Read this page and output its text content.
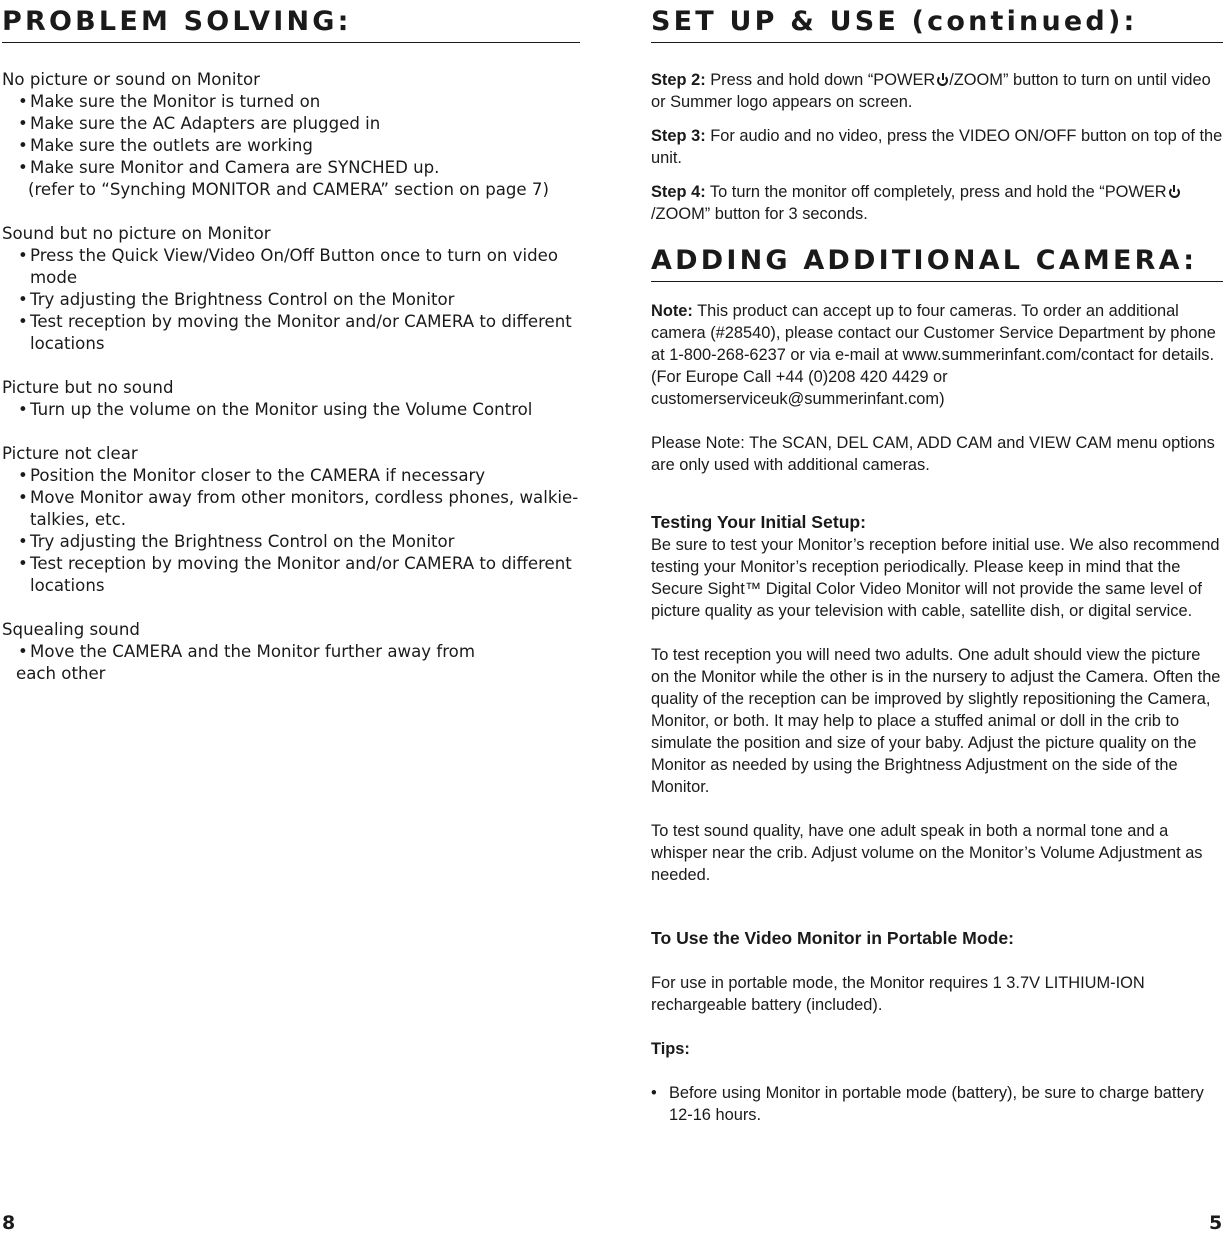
PROBLEM SOLVING:
No picture or sound on Monitor
• Make sure the Monitor is turned on
• Make sure the AC Adapters are plugged in
• Make sure the outlets are working
• Make sure Monitor and Camera are SYNCHED up.
(refer to “Synching MONITOR and CAMERA” section on page 7)
Sound but no picture on Monitor
• Press the Quick View/Video On/Off Button once to turn on video mode
• Try adjusting the Brightness Control on the Monitor
• Test reception by moving the Monitor and/or CAMERA to different locations
Picture but no sound
• Turn up the volume on the Monitor using the Volume Control
Picture not clear
• Position the Monitor closer to the CAMERA if necessary
• Move Monitor away from other monitors, cordless phones, walkie-talkies, etc.
• Try adjusting the Brightness Control on the Monitor
• Test reception by moving the Monitor and/or CAMERA to different locations
Squealing sound
• Move the CAMERA and the Monitor further away from
each other
SET UP & USE (continued):

Step 2: Press and hold down “POWER /ZOOM” button to turn on until video or Summer logo appears on screen.

Step 3: For audio and no video, press the VIDEO ON/OFF button on top of the unit.

Step 4: To turn the monitor off completely, press and hold the “POWER/ZOOM” button for 3 seconds.

ADDING ADDITIONAL CAMERA:

Note: This product can accept up to four cameras. To order an additional camera (#28540), please contact our Customer Service Department by phone at 1-800-268-6237 or via e-mail at www.summerinfant.com/contact for details. (For Europe Call +44 (0)208 420 4429 or customerserviceuk@summerinfant.com)

Please Note: The SCAN, DEL CAM, ADD CAM and VIEW CAM menu options are only used with additional cameras.

Testing Your Initial Setup:

Be sure to test your Monitor’s reception before initial use. We also recommend testing your Monitor’s reception periodically. Please keep in mind that the Secure Sight™ Digital Color Video Monitor will not provide the same level of picture quality as your television with cable, satellite dish, or digital service.

To test reception you will need two adults. One adult should view the picture on the Monitor while the other is in the nursery to adjust the Camera. Often the quality of the reception can be improved by slightly repositioning the Camera, Monitor, or both. It may help to place a stuffed animal or doll in the crib to simulate the position and size of your baby. Adjust the picture quality on the Monitor as needed by using the Brightness Adjustment on the side of the Monitor.

To test sound quality, have one adult speak in both a normal tone and a whisper near the crib. Adjust volume on the Monitor’s Volume Adjustment as needed.

To Use the Video Monitor in Portable Mode:

For use in portable mode, the Monitor requires 1 3.7V LITHIUM-ION rechargeable battery (included).

Tips:

• Before using Monitor in portable mode (battery), be sure to charge battery 12-16 hours.

8	5
